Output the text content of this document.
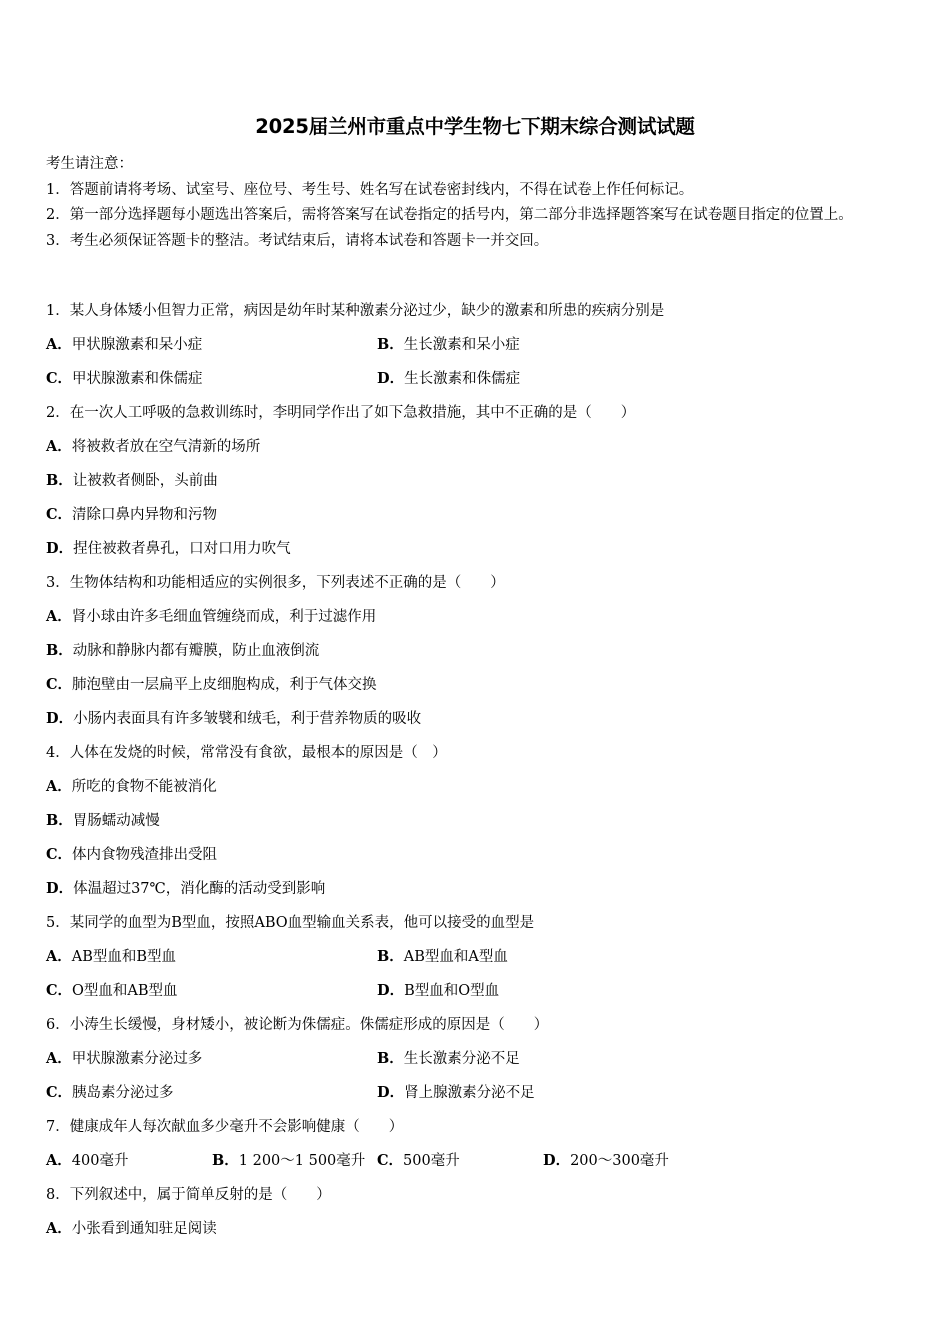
2025届兰州市重点中学生物七下期末综合测试试题
考生请注意：
1．答题前请将考场、试室号、座位号、考生号、姓名写在试卷密封线内，不得在试卷上作任何标记。
2．第一部分选择题每小题选出答案后，需将答案写在试卷指定的括号内，第二部分非选择题答案写在试卷题目指定的位置上。
3．考生必须保证答题卡的整洁。考试结束后，请将本试卷和答题卡一并交回。
1．某人身体矮小但智力正常，病因是幼年时某种激素分泌过少，缺少的激素和所患的疾病分别是
A．甲状腺激素和呆小症	B．生长激素和呆小症
C．甲状腺激素和侏儒症	D．生长激素和侏儒症
2．在一次人工呼吸的急救训练时，李明同学作出了如下急救措施，其中不正确的是（　　）
A．将被救者放在空气清新的场所
B．让被救者侧卧，头前曲
C．清除口鼻内异物和污物
D．捏住被救者鼻孔，口对口用力吹气
3．生物体结构和功能相适应的实例很多，下列表述不正确的是（　　）
A．肾小球由许多毛细血管缠绕而成，利于过滤作用
B．动脉和静脉内都有瓣膜，防止血液倒流
C．肺泡壁由一层扁平上皮细胞构成，利于气体交换
D．小肠内表面具有许多皱襞和绒毛，利于营养物质的吸收
4．人体在发烧的时候，常常没有食欲，最根本的原因是（　）
A．所吃的食物不能被消化
B．胃肠蠕动减慢
C．体内食物残渣排出受阻
D．体温超过37℃，消化酶的活动受到影响
5．某同学的血型为B型血，按照ABO血型输血关系表，他可以接受的血型是
A．AB型血和B型血	B．AB型血和A型血
C．O型血和AB型血	D．B型血和O型血
6．小涛生长缓慢，身材矮小，被论断为侏儒症。侏儒症形成的原因是（　　）
A．甲状腺激素分泌过多	B．生长激素分泌不足
C．胰岛素分泌过多	D．肾上腺激素分泌不足
7．健康成年人每次献血多少毫升不会影响健康（　　）
A．400毫升	B．1 200～1 500毫升 C．500毫升	D．200～300毫升
8．下列叙述中，属于简单反射的是（　　）
A．小张看到通知驻足阅读
